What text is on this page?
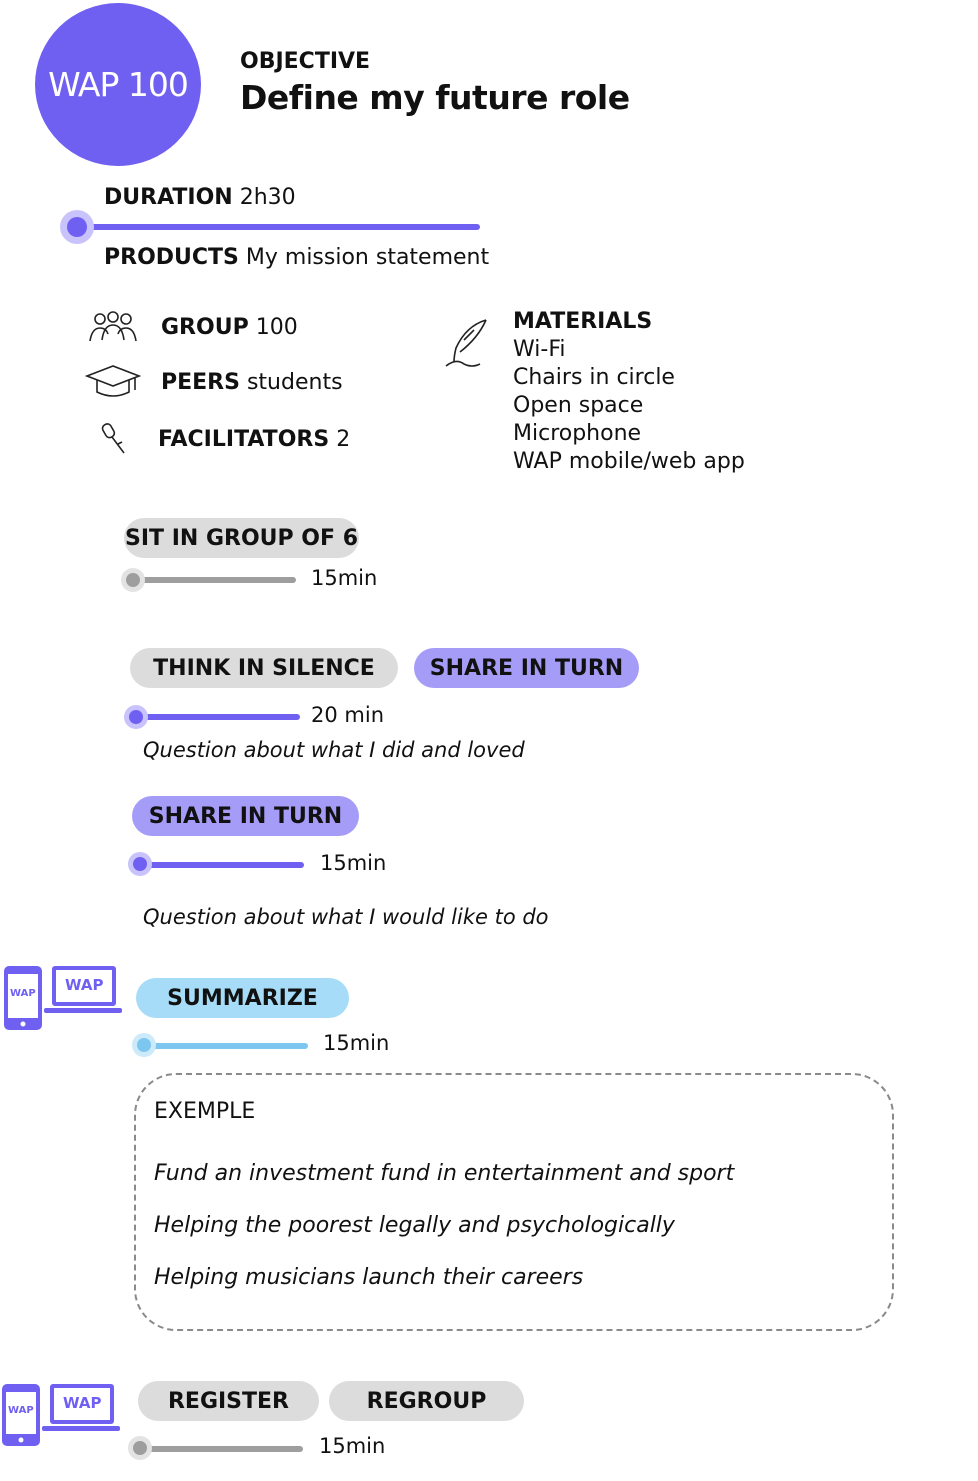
WAP 100
OBJECTIVE
Define my future role
DURATION 2h30
PRODUCTS My mission statement
GROUP 100
PEERS students
FACILITATORS 2
MATERIALS
Wi-Fi
Chairs in circle
Open space
Microphone
WAP mobile/web app
SIT IN GROUP OF 6
15min
THINK IN SILENCE	SHARE IN TURN
20 min
Question about what I did and loved
SHARE IN TURN
15min
Question about what I would like to do
WAP WAP
SUMMARIZE
15min
EXEMPLE
Fund an investment fund in entertainment and sport
Helping the poorest legally and psychologically
Helping musicians launch their careers
WAP WAP	REGISTER	REGROUP
15min
